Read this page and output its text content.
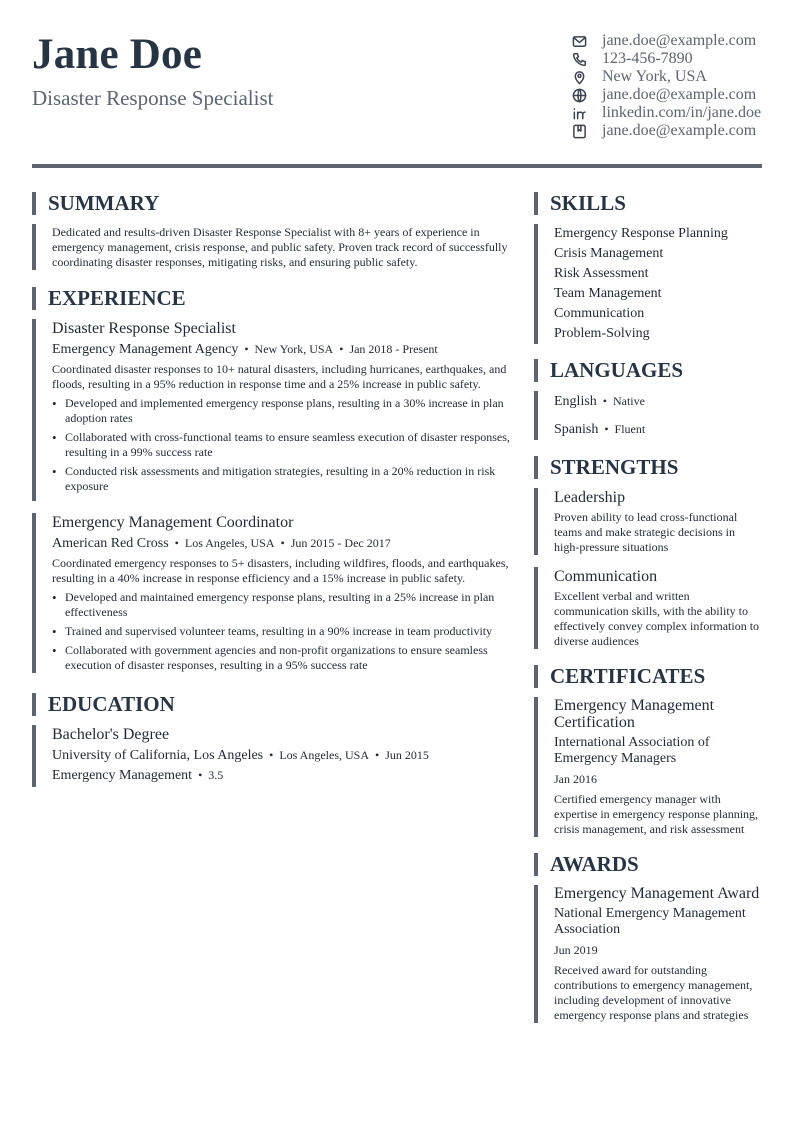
Jane Doe
Disaster Response Specialist
jane.doe@example.com
123-456-7890
New York, USA
jane.doe@example.com
linkedin.com/in/jane.doe
jane.doe@example.com
SUMMARY
Dedicated and results-driven Disaster Response Specialist with 8+ years of experience in emergency management, crisis response, and public safety. Proven track record of successfully coordinating disaster responses, mitigating risks, and ensuring public safety.
EXPERIENCE
Disaster Response Specialist
Emergency Management Agency • New York, USA • Jan 2018 - Present
Coordinated disaster responses to 10+ natural disasters, including hurricanes, earthquakes, and floods, resulting in a 95% reduction in response time and a 25% increase in public safety.
• Developed and implemented emergency response plans, resulting in a 30% increase in plan adoption rates
• Collaborated with cross-functional teams to ensure seamless execution of disaster responses, resulting in a 99% success rate
• Conducted risk assessments and mitigation strategies, resulting in a 20% reduction in risk exposure
Emergency Management Coordinator
American Red Cross • Los Angeles, USA • Jun 2015 - Dec 2017
Coordinated emergency responses to 5+ disasters, including wildfires, floods, and earthquakes, resulting in a 40% increase in response efficiency and a 15% increase in public safety.
• Developed and maintained emergency response plans, resulting in a 25% increase in plan effectiveness
• Trained and supervised volunteer teams, resulting in a 90% increase in team productivity
• Collaborated with government agencies and non-profit organizations to ensure seamless execution of disaster responses, resulting in a 95% success rate
EDUCATION
Bachelor's Degree
University of California, Los Angeles • Los Angeles, USA • Jun 2015
Emergency Management • 3.5
SKILLS
Emergency Response Planning
Crisis Management
Risk Assessment
Team Management
Communication
Problem-Solving
LANGUAGES
English • Native
Spanish • Fluent
STRENGTHS
Leadership
Proven ability to lead cross-functional teams and make strategic decisions in high-pressure situations
Communication
Excellent verbal and written communication skills, with the ability to effectively convey complex information to diverse audiences
CERTIFICATES
Emergency Management Certification
International Association of Emergency Managers
Jan 2016
Certified emergency manager with expertise in emergency response planning, crisis management, and risk assessment
AWARDS
Emergency Management Award
National Emergency Management Association
Jun 2019
Received award for outstanding contributions to emergency management, including development of innovative emergency response plans and strategies
